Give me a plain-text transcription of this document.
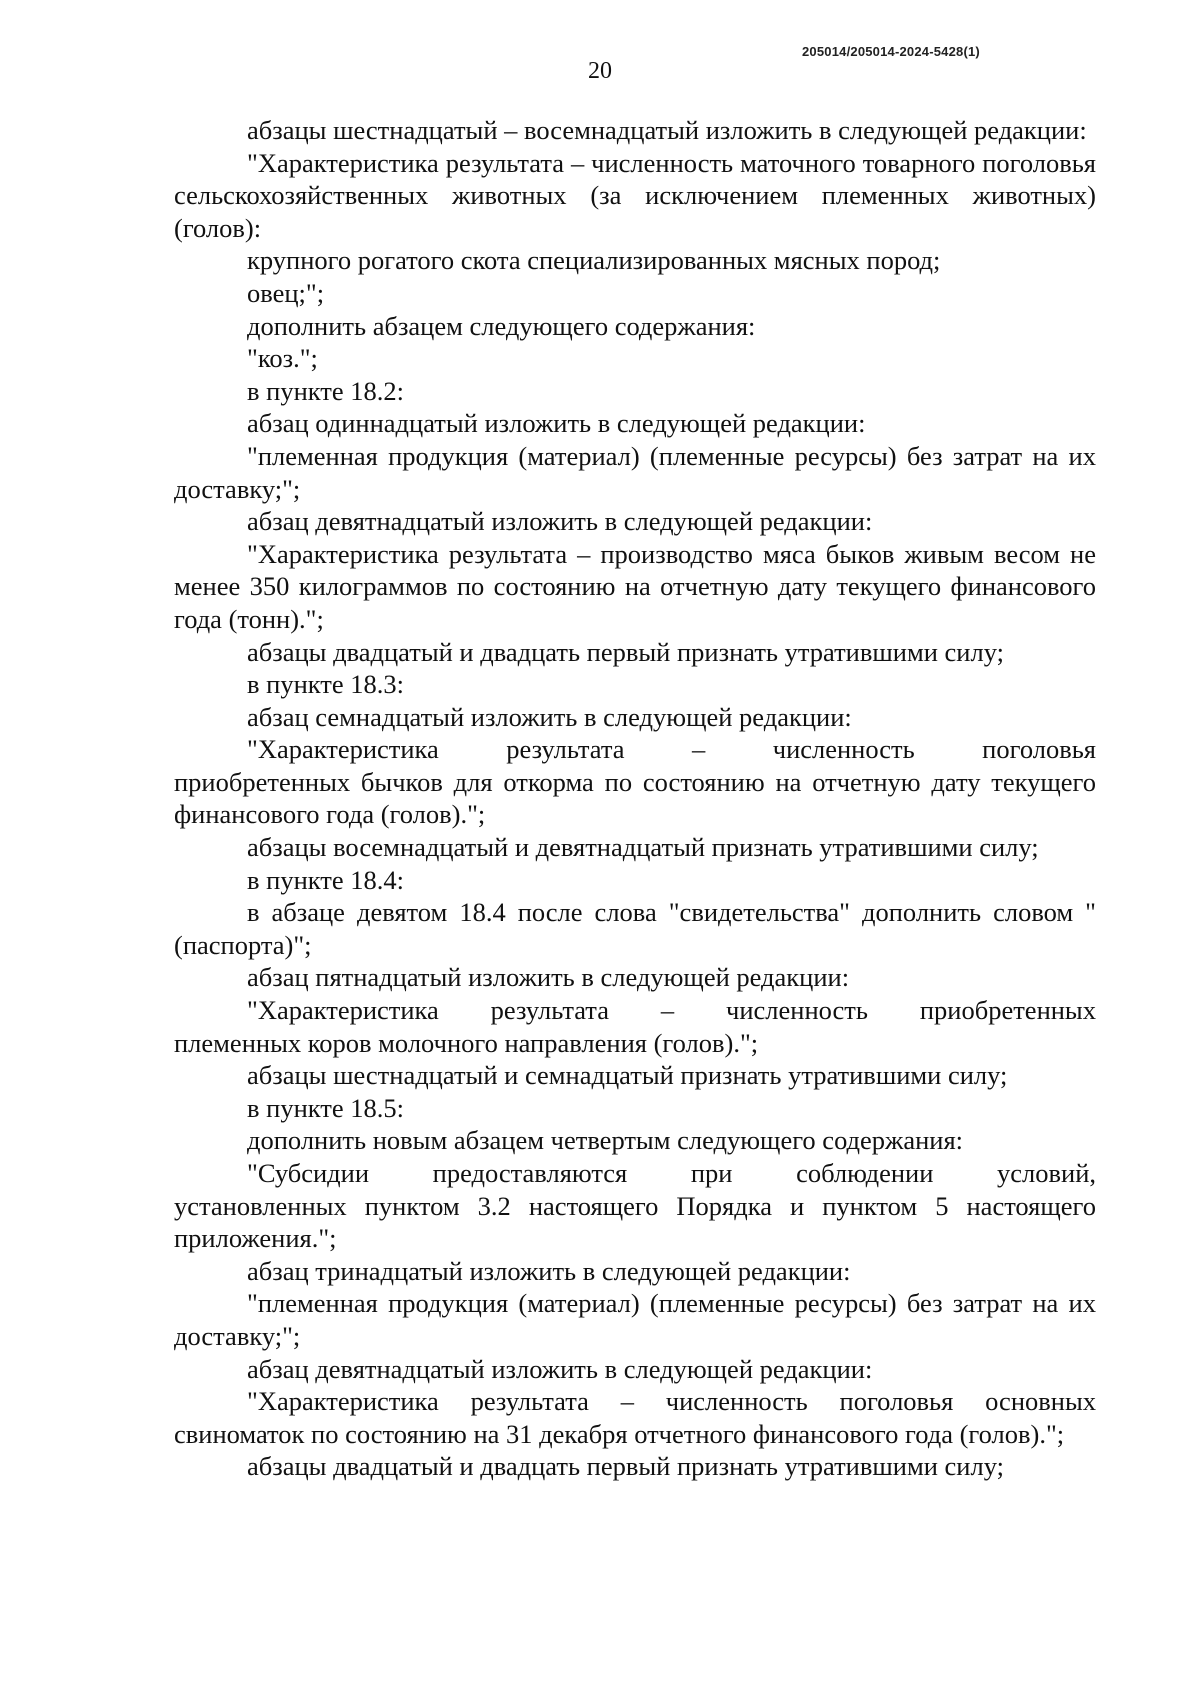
205014/205014-2024-5428(1)
20

абзацы шестнадцатый – восемнадцатый изложить в следующей редакции:

"Характеристика результата – численность маточного товарного поголовья сельскохозяйственных животных (за исключением племенных животных) (голов):

крупного рогатого скота специализированных мясных пород;

овец;";

дополнить абзацем следующего содержания:

"коз.";

в пункте 18.2:

абзац одиннадцатый изложить в следующей редакции:

"племенная продукция (материал) (племенные ресурсы) без затрат на их доставку;";

абзац девятнадцатый изложить в следующей редакции:

"Характеристика результата – производство мяса быков живым весом не менее 350 килограммов по состоянию на отчетную дату текущего финансового года (тонн).";

абзацы двадцатый и двадцать первый признать утратившими силу;

в пункте 18.3:

абзац семнадцатый изложить в следующей редакции:

"Характеристика результата – численность поголовья

приобретенных бычков для откорма по состоянию на отчетную дату текущего финансового года (голов).";

абзацы восемнадцатый и девятнадцатый признать утратившими силу;

в пункте 18.4:

в абзаце девятом 18.4 после слова "свидетельства" дополнить словом "(паспорта)";

абзац пятнадцатый изложить в следующей редакции:

"Характеристика результата – численность приобретенных

племенных коров молочного направления (голов).";

абзацы шестнадцатый и семнадцатый признать утратившими силу;

в пункте 18.5:

дополнить новым абзацем четвертым следующего содержания:

"Субсидии предоставляются при соблюдении условий,

установленных пунктом 3.2 настоящего Порядка и пунктом 5 настоящего приложения.";

абзац тринадцатый изложить в следующей редакции:

"племенная продукция (материал) (племенные ресурсы) без затрат на их доставку;";

абзац девятнадцатый изложить в следующей редакции:

"Характеристика результата – численность поголовья основных свиноматок по состоянию на 31 декабря отчетного финансового года (голов).";

абзацы двадцатый и двадцать первый признать утратившими силу;
